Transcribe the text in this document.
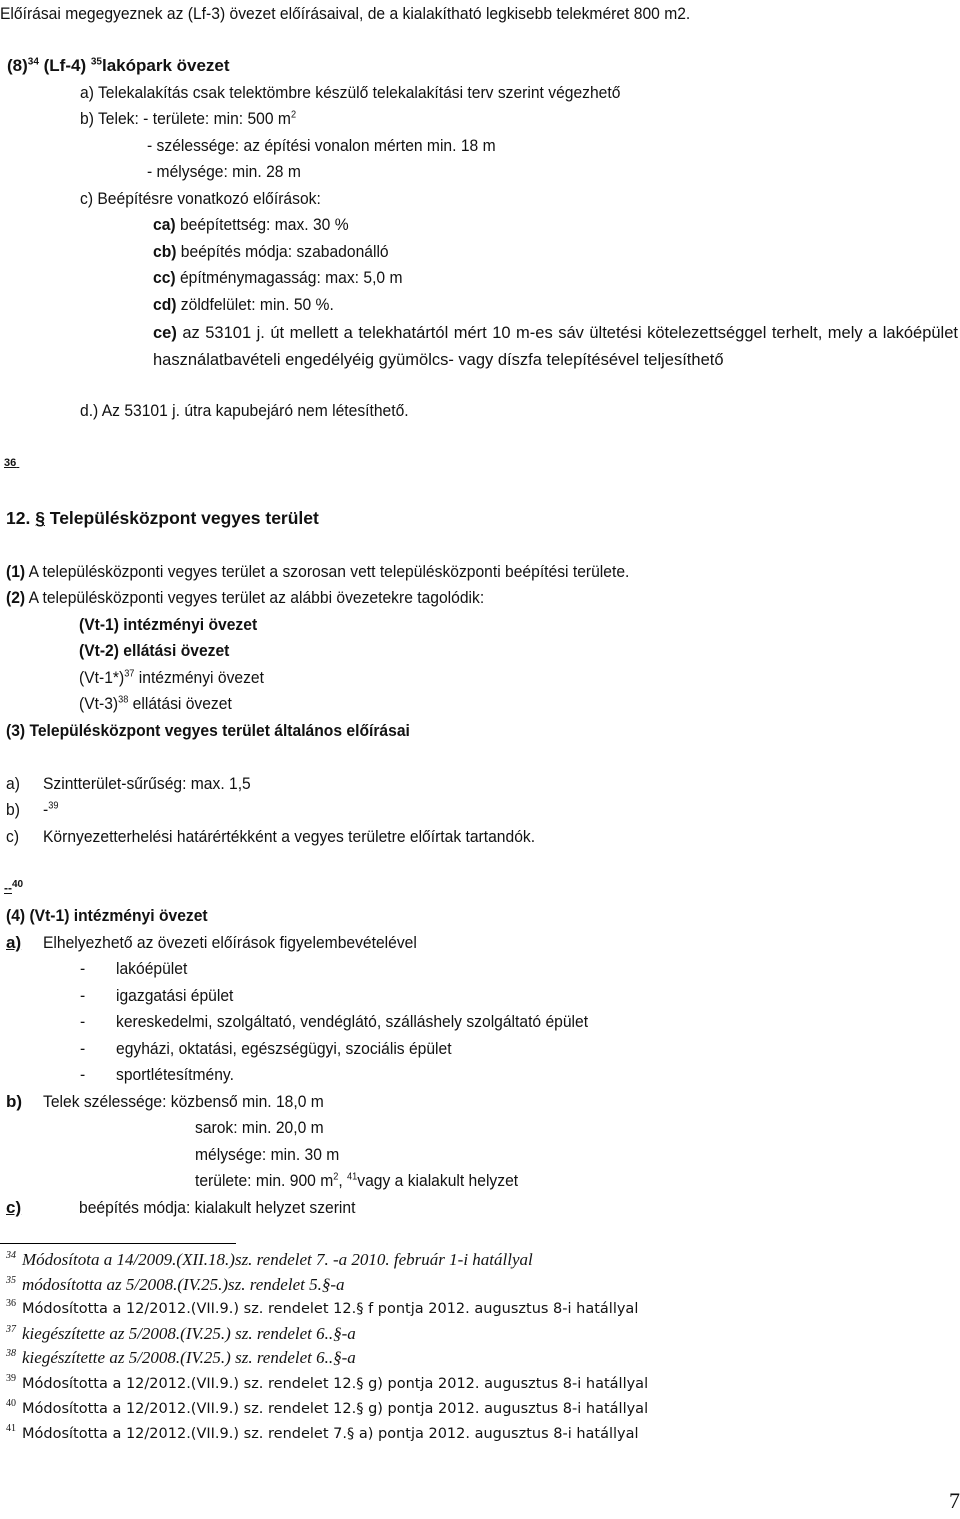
Előírásai megegyeznek az (Lf-3) övezet előírásaival, de a kialakítható legkisebb telekméret 800 m2.
$(8)^{34}$ (Lf-4) $^{35}$lakópark övezet
a) Telekalakítás csak telektömbre készülő telekalakítási terv szerint végezhető
b) Telek: - területe: min: 500 $m^2$
- szélessége: az építési vonalon mérten min. 18 m
- mélysége: min. 28 m
c) Beépítésre vonatkozó előírások:
ca) beépítettség: max. 30 %
cb) beépítés módja: szabadonálló
cc) építménymagasság: max: 5,0 m
cd) zöldfelület: min. 50 %.
ce) az 53101 j. út mellett a telekhatártól mért 10 m-es sáv ültetési kötelezettséggel terhelt, mely a lakóépület használatbavételi engedélyéig gyümölcs- vagy díszfa telepítésével teljesíthető
d.) Az 53101 j. útra kapubejáró nem létesíthető.
36
12. § Településközpont vegyes terület
(1) A településközponti vegyes terület a szorosan vett településközponti beépítési területe.
(2) A településközponti vegyes terület az alábbi övezetekre tagolódik:
(Vt-1) intézményi övezet
(Vt-2) ellátási övezet
$(Vt-1*)^{37}$ intézményi övezet
$(Vt-3)^{38}$ ellátási övezet
(3) Településközpont vegyes terület általános előírásai
a) Szintterület-sűrűség: max. 1,5
b) -$^{39}$
c) Környezetterhelési határértékként a vegyes területre előírtak tartandók.
--$^{40}$
(4) (Vt-1) intézményi övezet
a) Elhelyezhető az övezeti előírások figyelembevételével
- lakóépület
- igazgatási épület
- kereskedelmi, szolgáltató, vendéglátó, szálláshely szolgáltató épület
- egyházi, oktatási, egészségügyi, szociális épület
- sportlétesítmény.
b) Telek szélessége: közbenső min. 18,0 m
sarok: min. 20,0 m
mélysége: min. 30 m
területe: min. 900 $m^2$, $^{41}$vagy a kialakult helyzet
c)	beépítés módja: kialakult helyzet szerint
$^{34}$ Módosítota a 14/2009.(XII.18.)sz. rendelet 7. -a 2010. február 1-i hatállyal
$^{35}$ módosította az 5/2008.(IV.25.)sz. rendelet 5.§-a
$^{36}$ Módosította a 12/2012.(VII.9.) sz. rendelet 12.§ f pontja 2012. augusztus 8-i hatállyal
$^{37}$ kiegészítette az 5/2008.(IV.25.) sz. rendelet 6..§-a
$^{38}$ kiegészítette az 5/2008.(IV.25.) sz. rendelet 6..§-a
$^{39}$ Módosította a 12/2012.(VII.9.) sz. rendelet 12.§ g) pontja 2012. augusztus 8-i hatállyal
$^{40}$ Módosította a 12/2012.(VII.9.) sz. rendelet 12.§ g) pontja 2012. augusztus 8-i hatállyal
$^{41}$ Módosította a 12/2012.(VII.9.) sz. rendelet 7.§ a) pontja 2012. augusztus 8-i hatállyal
7
